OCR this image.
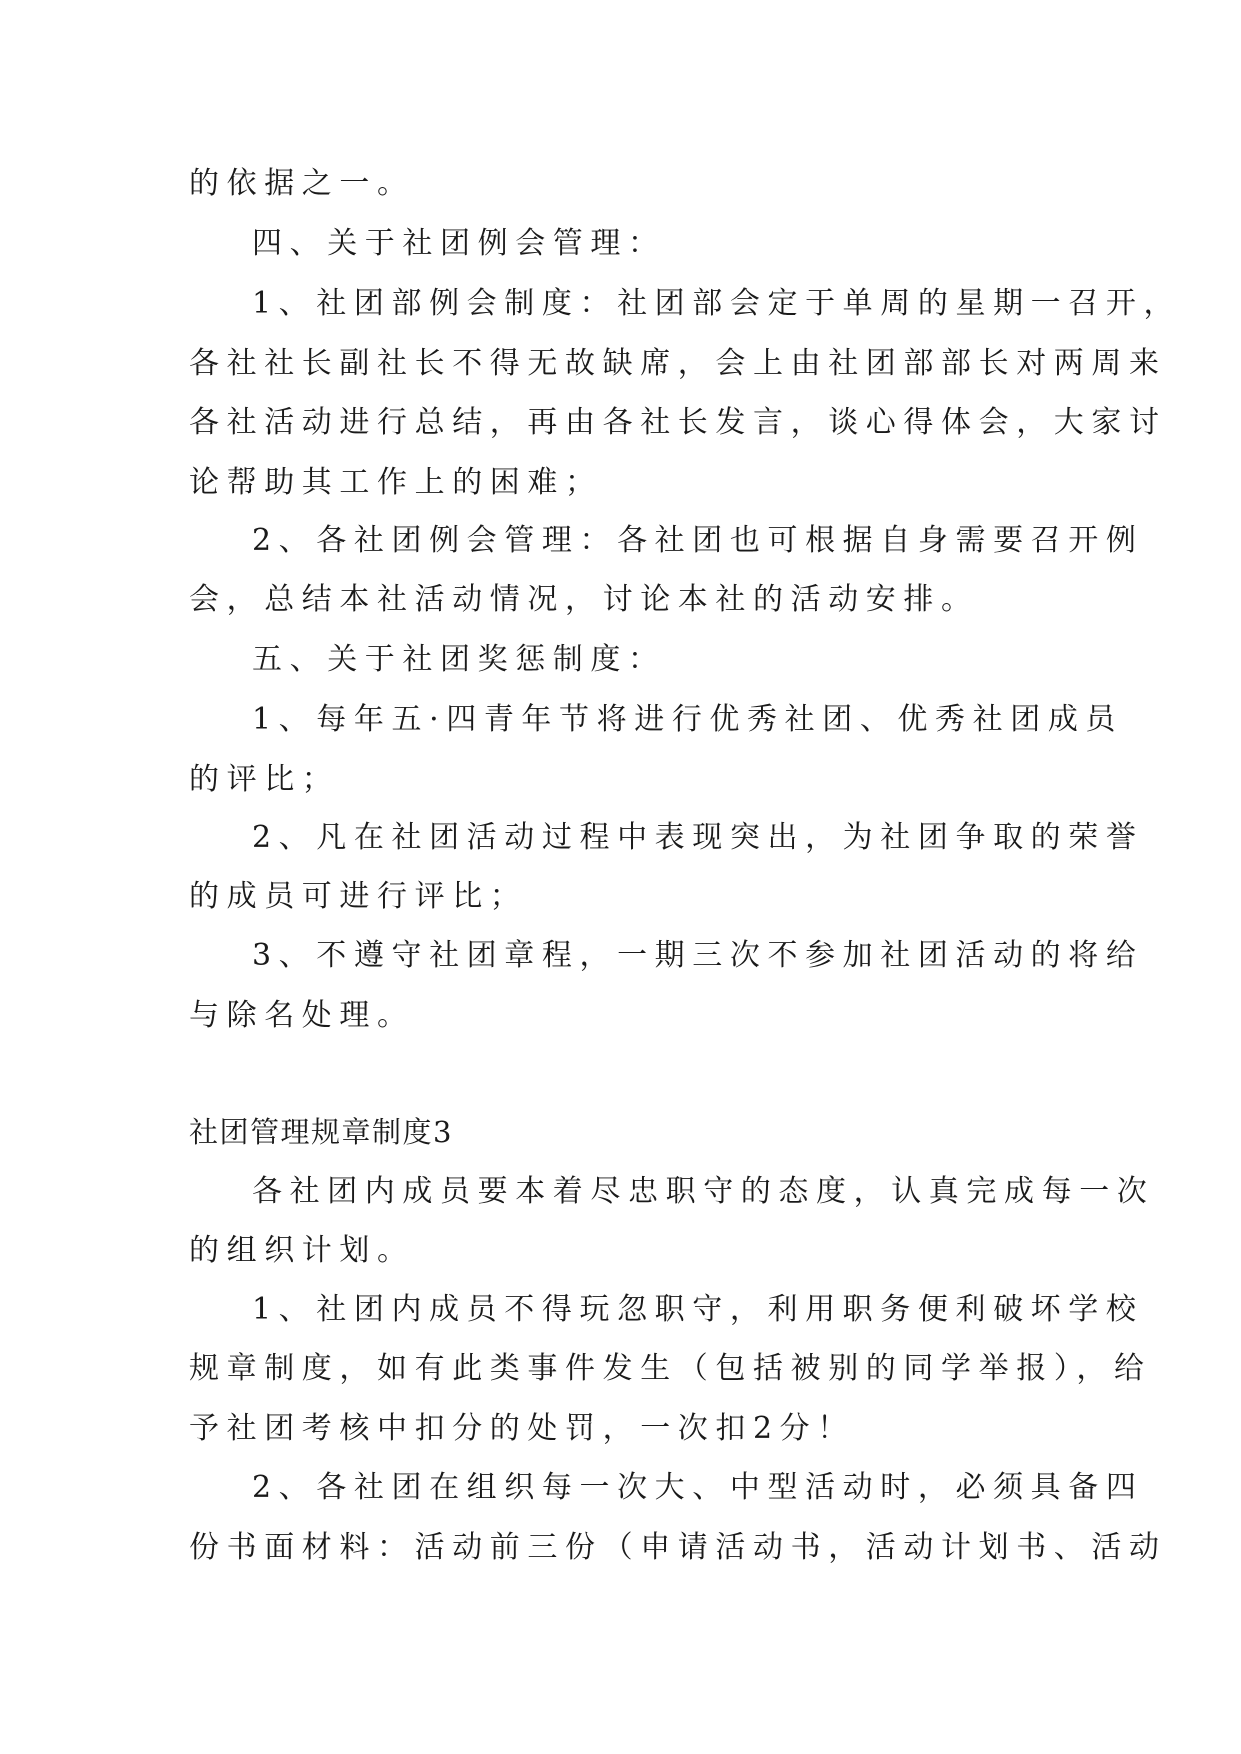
的依据之一。
四、关于社团例会管理：
1、社团部例会制度：社团部会定于单周的星期一召开，
各社社长副社长不得无故缺席，会上由社团部部长对两周来
各社活动进行总结，再由各社长发言，谈心得体会，大家讨
论帮助其工作上的困难；
2、各社团例会管理：各社团也可根据自身需要召开例
会，总结本社活动情况，讨论本社的活动安排。
五、关于社团奖惩制度：
1、每年五·四青年节将进行优秀社团、优秀社团成员
的评比；
2、凡在社团活动过程中表现突出，为社团争取的荣誉
的成员可进行评比；
3、不遵守社团章程，一期三次不参加社团活动的将给
与除名处理。
社团管理规章制度3
各社团内成员要本着尽忠职守的态度，认真完成每一次
的组织计划。
1、社团内成员不得玩忽职守，利用职务便利破坏学校
规章制度，如有此类事件发生（包括被别的同学举报），给
予社团考核中扣分的处罚，一次扣2分！
2、各社团在组织每一次大、中型活动时，必须具备四
份书面材料：活动前三份（申请活动书，活动计划书、活动
